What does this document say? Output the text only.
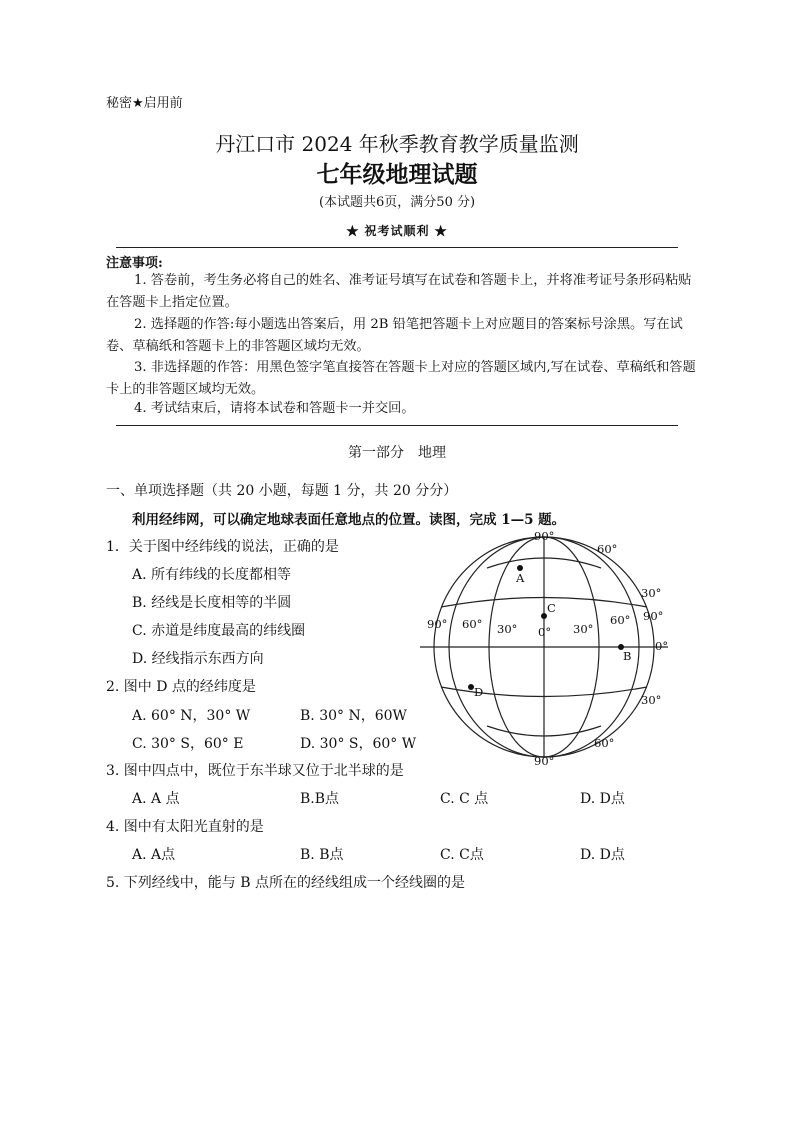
秘密★启用前
丹江口市 2024 年秋季教育教学质量监测
七年级地理试题
(本试题共6页，满分50 分)
★ 祝考试顺利 ★
注意事项:
1. 答卷前，考生务必将自己的姓名、准考证号填写在试卷和答题卡上，并将准考证号条形码粘贴在答题卡上指定位置。
2. 选择题的作答:每小题选出答案后，用 2B 铅笔把答题卡上对应题目的答案标号涂黑。写在试卷、草稿纸和答题卡上的非答题区域均无效。
3. 非选择题的作答：用黑色签字笔直接答在答题卡上对应的答题区域内,写在试卷、草稿纸和答题卡上的非答题区域均无效。
4. 考试结束后，请将本试卷和答题卡一并交回。
第一部分　地理
一、单项选择题（共 20 小题，每题 1 分，共 20 分分）
利用经纬网，可以确定地球表面任意地点的位置。读图，完成 1—5 题。
1．关于图中经纬线的说法，正确的是
A. 所有纬线的长度都相等
B. 经线是长度相等的半圆
C. 赤道是纬度最高的纬线圈
D. 经线指示东西方向
2. 图中 D 点的经纬度是
A. 60° N，30° W	B. 30° N，60W
C. 30° S，60° E	D. 30° S，60° W
3. 图中四点中，既位于东半球又位于北半球的是
A. A 点	B.B点	C. C 点	D. D点
4. 图中有太阳光直射的是
A. A点	B. B点	C. C点	D. D点
5. 下列经线中，能与 B 点所在的经线组成一个经线圈的是
A
C
B
D
90°
90°
90°
90°
60°
60°
30°
30°
60° 30° 0° 30°
60°
0°
